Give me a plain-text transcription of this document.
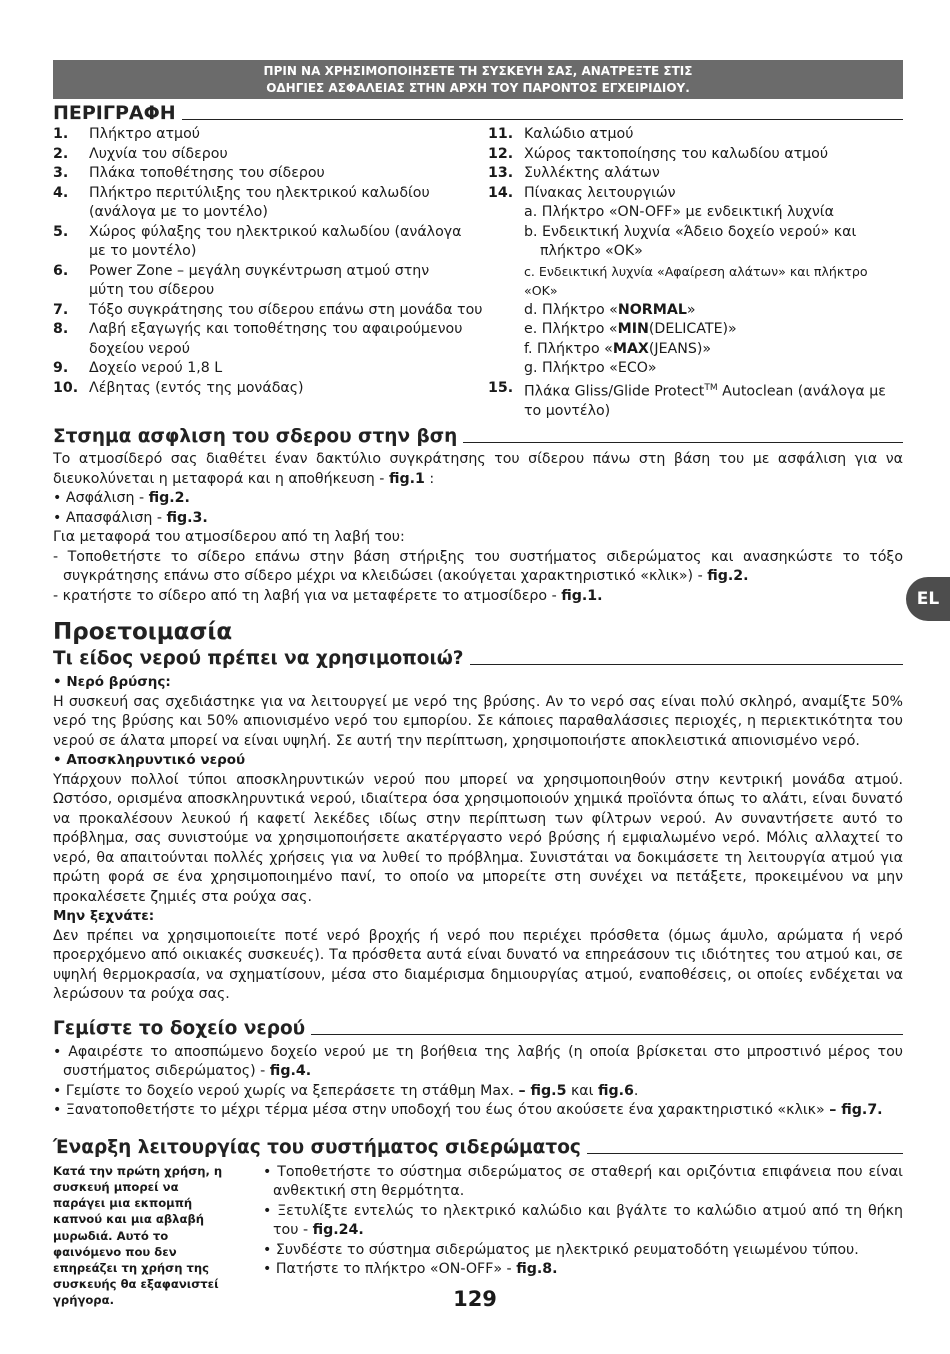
ΠΡΙΝ ΝΑ ΧΡΗΣΙΜΟΠΟΙΗΣΕΤΕ ΤΗ ΣΥΣΚΕΥΗ ΣΑΣ, ΑΝΑΤΡΕΞΤΕ ΣΤΙΣ
ΟΔΗΓΙΕΣ ΑΣΦΑΛΕΙΑΣ ΣΤΗΝ ΑΡΧΗ ΤΟΥ ΠΑΡΟΝΤΟΣ ΕΓΧΕΙΡΙΔΙΟΥ.
ΠΕΡΙΓΡΑΦΗ
1.	Πλήκτρο ατμού
2.	Λυχνία του σίδερου
3.	Πλάκα τοποθέτησης του σίδερου
4.	Πλήκτρο περιτύλιξης του ηλεκτρικού καλωδίου (ανάλογα με το μοντέλο)
5.	Χώρος φύλαξης του ηλεκτρικού καλωδίου (ανάλογα με το μοντέλο)
6.	Power Zone – μεγάλη συγκέντρωση ατμού στην μύτη του σίδερου
7.	Τόξο συγκράτησης του σίδερου επάνω στη μονάδα του
8.	Λαβή εξαγωγής και τοποθέτησης του αφαιρούμενου δοχείου νερού
9.	Δοχείο νερού 1,8 L
10. Λέβητας (εντός της μονάδας)
11. Καλώδιο ατμού
12. Χώρος τακτοποίησης του καλωδίου ατμού
13. Συλλέκτης αλάτων
14. Πίνακας λειτουργιών
a. Πλήκτρο «ON-OFF» με ενδεικτική λυχνία
b. Ενδεικτική λυχνία «Άδειο δοχείο νερού» και
πλήκτρο «OK»
c. Ενδεικτική λυχνία «Αφαίρεση αλάτων» και πλήκτρο «OK»
d. Πλήκτρο «NORMAL»
e. Πλήκτρο «MIN(DELICATE)»
f. Πλήκτρο «MAX(JEANS)»
g. Πλήκτρο «ECO»
15. Πλάκα Gliss/Glide Protect™ Autoclean (ανάλογα με το μοντέλο)
Στσημα ασφλιση του σδερου στην βση

Το ατμοσίδερό σας διαθέτει έναν δακτύλιο συγκράτησης του σίδερου πάνω στη βάση του με ασφάλιση για να διευκολύνεται η μεταφορά και η αποθήκευση - fig.1 :

• Ασφάλιση - fig.2.

• Απασφάλιση - fig.3.

Για μεταφορά του ατμοσίδερου από τη λαβή του:

- Τοποθετήστε το σίδερο επάνω στην βάση στήριξης του συστήματος σιδερώματος και ανασηκώστε το τόξο συγκράτησης επάνω στο σίδερο μέχρι να κλειδώσει (ακούγεται χαρακτηριστικό «κλικ») - fig.2.

- κρατήστε το σίδερο από τη λαβή για να μεταφέρετε το ατμοσίδερο - fig.1.

Προετοιμασία
Τι είδος νερού πρέπει να χρησιμοποιώ?
• Νερό βρύσης:

Η συσκευή σας σχεδιάστηκε για να λειτουργεί με νερό της βρύσης. Αν το νερό σας είναι πολύ σκληρό, αναμίξτε 50% νερό της βρύσης και 50% απιονισμένο νερό του εμπορίου. Σε κάποιες παραθαλάσσιες περιοχές, η περιεκτικότητα του νερού σε άλατα μπορεί να είναι υψηλή. Σε αυτή την περίπτωση, χρησιμοποιήστε αποκλειστικά απιονισμένο νερό.

• Αποσκληρυντικό νερού

Υπάρχουν πολλοί τύποι αποσκληρυντικών νερού που μπορεί να χρησιμοποιηθούν στην κεντρική μονάδα ατμού. Ωστόσο, ορισμένα αποσκληρυντικά νερού, ιδιαίτερα όσα χρησιμοποιούν χημικά προϊόντα όπως το αλάτι, είναι δυνατό να προκαλέσουν λευκού ή καφετί λεκέδες ιδίως στην περίπτωση των φίλτρων νερού. Αν συναντήσετε αυτό το πρόβλημα, σας συνιστούμε να χρησιμοποιήσετε ακατέργαστο νερό βρύσης ή εμφιαλωμένο νερό. Μόλις αλλαχτεί το νερό, θα απαιτούνται πολλές χρήσεις για να λυθεί το πρόβλημα. Συνιστάται να δοκιμάσετε τη λειτουργία ατμού για πρώτη φορά σε ένα χρησιμοποιημένο πανί, το οποίο να μπορείτε στη συνέχει να πετάξετε, προκειμένου να μην προκαλέσετε ζημιές στα ρούχα σας.

Μην ξεχνάτε:

Δεν πρέπει να χρησιμοποιείτε ποτέ νερό βροχής ή νερό που περιέχει πρόσθετα (όμως άμυλο, αρώματα ή νερό προερχόμενο από οικιακές συσκευές). Τα πρόσθετα αυτά είναι δυνατό να επηρεάσουν τις ιδιότητες του ατμού και, σε υψηλή θερμοκρασία, να σχηματίσουν, μέσα στο διαμέρισμα δημιουργίας ατμού, εναποθέσεις, οι οποίες ενδέχεται να λερώσουν τα ρούχα σας.

Γεμίστε το δοχείο νερού

• Αφαιρέστε το αποσπώμενο δοχείο νερού με τη βοήθεια της λαβής (η οποία βρίσκεται στο μπροστινό μέρος του συστήματος σιδερώματος) - fig.4.

• Γεμίστε το δοχείο νερού χωρίς να ξεπεράσετε τη στάθμη Max. – fig.5 και fig.6.

• Ξανατοποθετήστε το μέχρι τέρμα μέσα στην υποδοχή του έως ότου ακούσετε ένα χαρακτηριστικό «κλικ» – fig.7.

Έναρξη λειτουργίας του συστήματος σιδερώματος
Κατά την πρώτη χρήση, η συσκευή μπορεί να παράγει μια εκπομπή καπνού και μια αβλαβή μυρωδιά. Αυτό το φαινόμενο που δεν επηρεάζει τη χρήση της συσκευής θα εξαφανιστεί γρήγορα.

• Τοποθετήστε το σύστημα σιδερώματος σε σταθερή και οριζόντια επιφάνεια που είναι ανθεκτική στη θερμότητα.

• Ξετυλίξτε εντελώς το ηλεκτρικό καλώδιο και βγάλτε το καλώδιο ατμού από τη θήκη του - fig.24.

• Συνδέστε το σύστημα σιδερώματος με ηλεκτρικό ρευματοδότη γειωμένου τύπου.

• Πατήστε το πλήκτρο «ON-OFF» - fig.8.

EL
129
